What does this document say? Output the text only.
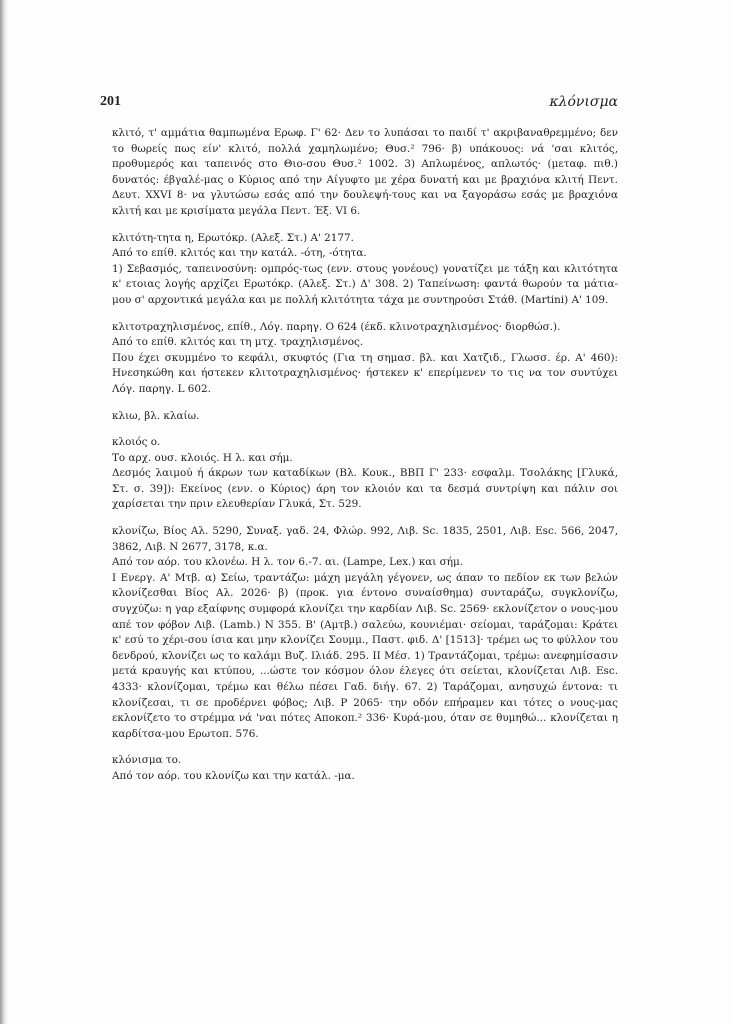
201	κλόνισμα

κλιτό, τ' αμμάτια θαμπωμένα Ερωφ. Γ' 62· Δεν το λυπάσαι το παιδί τ' ακριβαναθρεμμένο; δεν το θωρείς πως είν' κλιτό, πολλά χαμηλωμένο; Θυσ.² 796· β) υπάκουος: νά 'σαι κλιτός, προθυμερός και ταπεινός στο Θιο-σου Θυσ.² 1002. 3) Απλωμένος, απλωτός· (μεταφ. πιθ.) δυνατός: έβγαλέ-μας ο Κύριος από την Αίγυφτο με χέρα δυνατή και με βραχιόνα κλιτή Πεντ. Δευτ. XXVI 8· να γλυτώσω εσάς από την δουλεψή-τους και να ξαγοράσω εσάς με βραχιόνα κλιτή και με κρισίματα μεγάλα Πεντ. Έξ. VI 6.

κλιτότη-τητα η, Ερωτόκρ. (Αλεξ. Στ.) Α' 2177.

Από το επίθ. κλιτός και την κατάλ. -ότη, -ότητα.

1) Σεβασμός, ταπεινοσύνη: ομπρός-τως (ενν. στους γονέους) γονατίζει με τάξη και κλιτότητα κ' ετοιας λογής αρχίζει Ερωτόκρ. (Αλεξ. Στ.) Δ' 308. 2) Ταπείνωση: φαντά θωρούν τα μάτια-μου σ' αρχοντικά μεγάλα και με πολλή κλιτότητα τάχα με συντηρούσι Στάθ. (Martini) Α' 109.

κλιτοτραχηλισμένος, επίθ., Λόγ. παρηγ. Ο 624 (έκδ. κλινοτραχηλισμένος· διορθώσ.).

Από το επίθ. κλιτός και τη μτχ. τραχηλισμένος.

Που έχει σκυμμένο το κεφάλι, σκυφτός (Για τη σημασ. βλ. και Χατζιδ., Γλωσσ. έρ. Α' 460): Ηνεσηκώθη και ήστεκεν κλιτοτραχηλισμένος· ήστεκεν κ' επερίμενεν το τις να τον συντύχει Λόγ. παρηγ. L 602.

κλιω, βλ. κλαίω.

κλοιός ο.

Το αρχ. ουσ. κλοιός. Η λ. και σήμ.

Δεσμός λαιμού ή άκρων των καταδίκων (Βλ. Κουκ., ΒΒΠ Γ' 233· εσφαλμ. Τσολάκης [Γλυκά, Στ. σ. 39]): Εκείνος (ενν. ο Κύριος) άρη τον κλοιόν και τα δεσμά συντρίψη και πάλιν σοι χαρίσεται την πριν ελευθερίαν Γλυκά, Στ. 529.

κλονίζω, Βίος Αλ. 5290, Συναξ. γαδ. 24, Φλώρ. 992, Λιβ. Sc. 1835, 2501, Λιβ. Esc. 566, 2047, 3862, Λιβ. N 2677, 3178, κ.α.

Από τον αόρ. του κλονέω. Η λ. τον 6.-7. αι. (Lampe, Lex.) και σήμ.

Ι Ενεργ. Α' Μτβ. α) Σείω, τραντάζω: μάχη μεγάλη γέγονεν, ως άπαν το πεδίον εκ των βελών κλονίζεσθαι Βίος Αλ. 2026· β) (προκ. για έντονο συναίσθημα) συνταράζω, συγκλονίζω, συγχύζω: η γαρ εξαίφνης συμφορά κλονίζει την καρδίαν Λιβ. Sc. 2569· εκλονίζετον ο νους-μου απέ τον φόβον Λιβ. (Lamb.) N 355. Β' (Αμτβ.) σαλεύω, κουνιέμαι· σείομαι, ταράζομαι: Κράτει κ' εσύ το χέρι-σου ίσια και μην κλονίζει Σουμμ., Παστ. φιδ. Δ' [1513]· τρέμει ως το φύλλον του δενδρού, κλονίζει ως το καλάμι Βυζ. Ιλιάδ. 295. ΙΙ Μέσ. 1) Τραντάζομαι, τρέμω: ανεφημίσασιν μετά κραυγής και κτύπου, ...ώστε τον κόσμον όλον έλεγες ότι σείεται, κλονίζεται Λιβ. Esc. 4333· κλονίζομαι, τρέμω και θέλω πέσει Γαδ. διήγ. 67. 2) Ταράζομαι, ανησυχώ έντονα: τι κλονίζεσαι, τι σε προδέρνει φόβος; Λιβ. P 2065· την οδόν επήραμεν και τότες ο νους-μας εκλονίζετο το στρέμμα νά 'ναι πότες Αποκοπ.² 336· Κυρά-μου, όταν σε θυμηθώ... κλονίζεται η καρδίτσα-μου Ερωτοπ. 576.

κλόνισμα το.

Από τον αόρ. του κλονίζω και την κατάλ. -μα.
